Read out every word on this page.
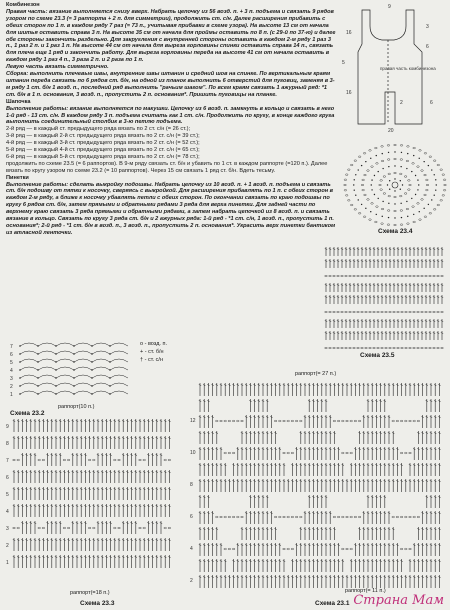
Комбинезон

Правая часть: вязание выполняется снизу вверх. Набрать цепочку из 56 возд. п. + 3 п. подъема и связать 9 рядов узором по схеме 23.3 (= 3 раппорта + 2 п. для симметрии), продолжить ст. с/н. Далее расширения прибавить с обеих сторон по 1 п. в каждом ряду 7 раз (= 73 п., учитывая прибавки в схеме узора). На высоте 13 см от начала для шитья оставить справа 3 п. На высоте 35 см от начала для проймы оставить по 8 п. (с 29-й по 37-ю) и далее обе стороны закончить раздельно. Для закругления с внутренней стороны оставить в каждом 2-м ряду 1 раз 3 п., 1 раз 2 п. и 1 раз 1 п. На высоте 44 см от начала для выреза горловины спинки оставить справа 14 п., связать для плеча еще 1 ряд и закончить работу. Для выреза горловины переда на высоте 41 см от начала оставить в каждом ряду 1 раз 4 п., 3 раза 2 п. и 2 раза по 1 п.

Левую часть вязать симметрично.

Сборка: выполнить плечевые швы, внутренние швы штанин и средний шов на спинке. По вертикальным краям штанин переда связать по 6 рядов ст. б/н, на одной из планок выполнить 6 отверстий для пуговиц, заменяя в 3-м ряду 1 ст. б/н 1 возд. п., последний ряд выполнить "рачьим шагом". По всем краям связать 1 ажурный ряд: *1 ст. б/н в 1 п. основания, 3 возд. п., пропустить 2 п. основания*. Пришить пуговицы на планке.

Шапочка

Выполнение работы: вязание выполняется по макушки. Цепочку из 6 возд. п. замкнуть в кольцо и связать в него 1-й ряд - 13 ст. с/н. В каждом ряду 3 п. подъема считать как 1 ст. с/н. Продолжить по кругу, в конце каждого круга выполнить соединительный столбик в 3-ю петлю подъема.

2-й ряд — в каждый ст. предыдущего ряда вязать по 2 ст. с/н (= 26 ст.);

3-й ряд — в каждый 2-й ст. предыдущего ряда вязать по 2 ст. с/н (= 39 ст.);

4-й ряд — в каждый 3-й ст. предыдущего ряда вязать по 2 ст. с/н (= 52 ст.);

5-й ряд — в каждый 4-й ст. предыдущего ряда вязать по 2 ст. с/н (= 65 ст.);

6-й ряд — в каждый 5-й ст. предыдущего ряда вязать по 2 ст. с/н (= 78 ст.);

продолжить по схеме 23.5 (= 6 раппортов). В 9-м ряду связать ст. б/н и убавить по 1 ст. в каждом раппорте (=120 п.). Далее вязать по кругу узором по схеме 23.2 (= 10 раппортов). Через 15 см связать 1 ряд ст. б/н. Вдеть тесьму.

Пинетки

Выполнение работы: сделать выкройку подошвы. Набрать цепочку из 10 возд. п. + 1 возд. п. подъема и связать ст. б/н подошву от пятки к носочку, сверяясь с выкройкой. Для расширения прибавлять по 1 п. с обеих сторон в каждом 2-м ряду, а ближе к носочку убавлять петли с обеих сторон. По окончании связать по краю подошвы по кругу 6 рядов ст. б/н, затем прямыми и обратными рядами 3 ряда для верха пинетки. Для задней части по верхнему краю связать 3 ряда прямыми и обратными рядами, а затем набрать цепочкой из 8 возд. п. и связать вязание в кольцо. Связать по кругу 3 ряда ст. б/н и 2 ажурных ряда: 1-й ряд - *1 ст. с/н, 1 возд. п., пропустить 1 п. основания*; 2-й ряд - *1 ст. б/н в возд. п., 3 возд. п., пропустить 2 п. основания*. Украсить верх пинетки бантиком из атласной ленточки.

9
16
16
20
3
6
5
6
2
правая часть комбинезона
Схема 23.4
Схема 23.5
7
6
5
4
3
2
1
раппорт(10 п.)
Схема 23.2
о - возд. п.
+ - ст. б/н
† - ст. с/н
9
8
7
6
5
4
3
2
1
раппорт(=18 п.)
Схема 23.3
раппорт(= 27 п.)
2
4
6
8
10
12
раппорт(= 11 п.)
Схема 23.1 Страна Мам
